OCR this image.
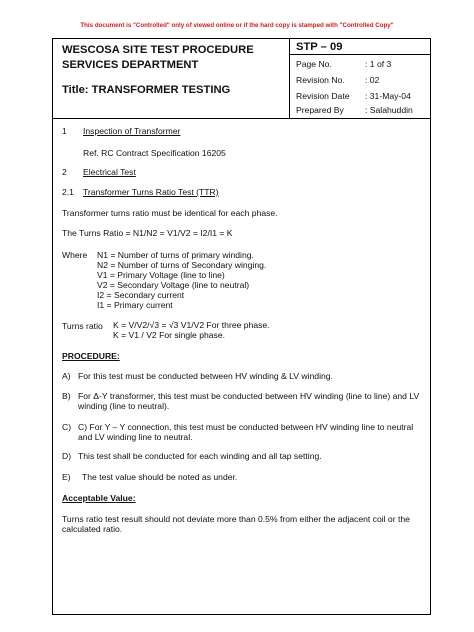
This document is "Controlled" only of viewed online or if the hard copy is stamped with "Controlled Copy"
WESCOSA SITE TEST PROCEDURE
SERVICES DEPARTMENT
Title: TRANSFORMER TESTING
STP – 09
Page No.	: 1 of 3
Revision No. : 02
Revision Date : 31-May-04
Prepared By : Salahuddin
1 Inspection of Transformer
Ref. RC Contract Specification 16205
2 Electrical Test
2.1 Transformer Turns Ratio Test (TTR)
Transformer turns ratio must be identical for each phase.
The Turns Ratio = N1/N2 = V1/V2 = I2/I1 = K
Where N1 = Number of turns of primary winding.
N2 = Number of turns of Secondary winging.
V1 = Primary Voltage (line to line)
V2 = Secondary Voltage (line to neutral)
I2 = Secondary current
I1 = Primary current
Turns ratio K = V/V2/√3 = √3 V1/V2 For three phase.
K = V1 / V2 For single phase.
PROCEDURE:
A) For this test must be conducted between HV winding & LV winding.
B) For Δ-Y transformer, this test must be conducted between HV winding (line to line) and LV
winding (line to neutral).
C) C) For Y – Y connection, this test must be conducted between HV winding line to neutral
and LV winding line to neutral.
D) This test shall be conducted for each winding and all tap setting.
E) The test value should be noted as under.
Acceptable Value:
Turns ratio test result should not deviate more than 0.5% from either the adjacent coil or the
calculated ratio.
